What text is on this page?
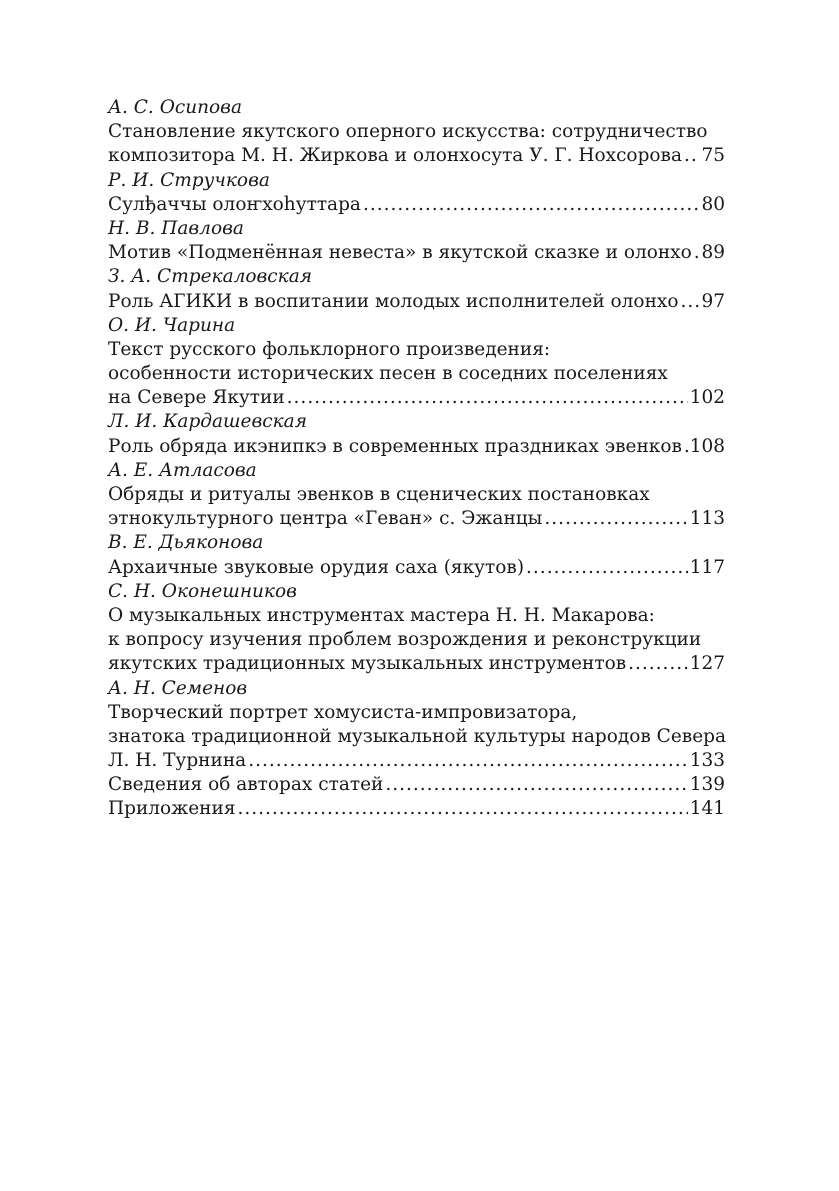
А. С. Осипова
Становление якутского оперного искусства: сотрудничество
композитора М. Н. Жиркова и олонхосута У. Г. Нохсорова ..... 75
Р. И. Стручкова
Сулђаччы олоҥхоһуттара .....	80
Н. В. Павлова
Мотив «Подменённая невеста» в якутской сказке и олонхо ..... 89
З. А. Стрекаловская
Роль АГИКИ в воспитании молодых исполнителей олонхо ..... 97
О. И. Чарина
Текст русского фольклорного произведения:
особенности исторических песен в соседних поселениях
на Севере Якутии .....	102
Л. И. Кардашевская
Роль обряда икэнипкэ в современных праздниках эвенков ..... 108
А. Е. Атласова
Обряды и ритуалы эвенков в сценических постановках
этнокультурного центра «Геван» с. Эжанцы .....	113
В. Е. Дьяконова
Архаичные звуковые орудия саха (якутов) .....	117
С. Н. Оконешников
О музыкальных инструментах мастера Н. Н. Макарова:
к вопросу изучения проблем возрождения и реконструкции
якутских традиционных музыкальных инструментов .....	127
А. Н. Семенов
Творческий портрет хомусиста-импровизатора,
знатока традиционной музыкальной культуры народов Севера
Л. Н. Турнина .....	133
Сведения об авторах статей .....	139
Приложения .....	141
